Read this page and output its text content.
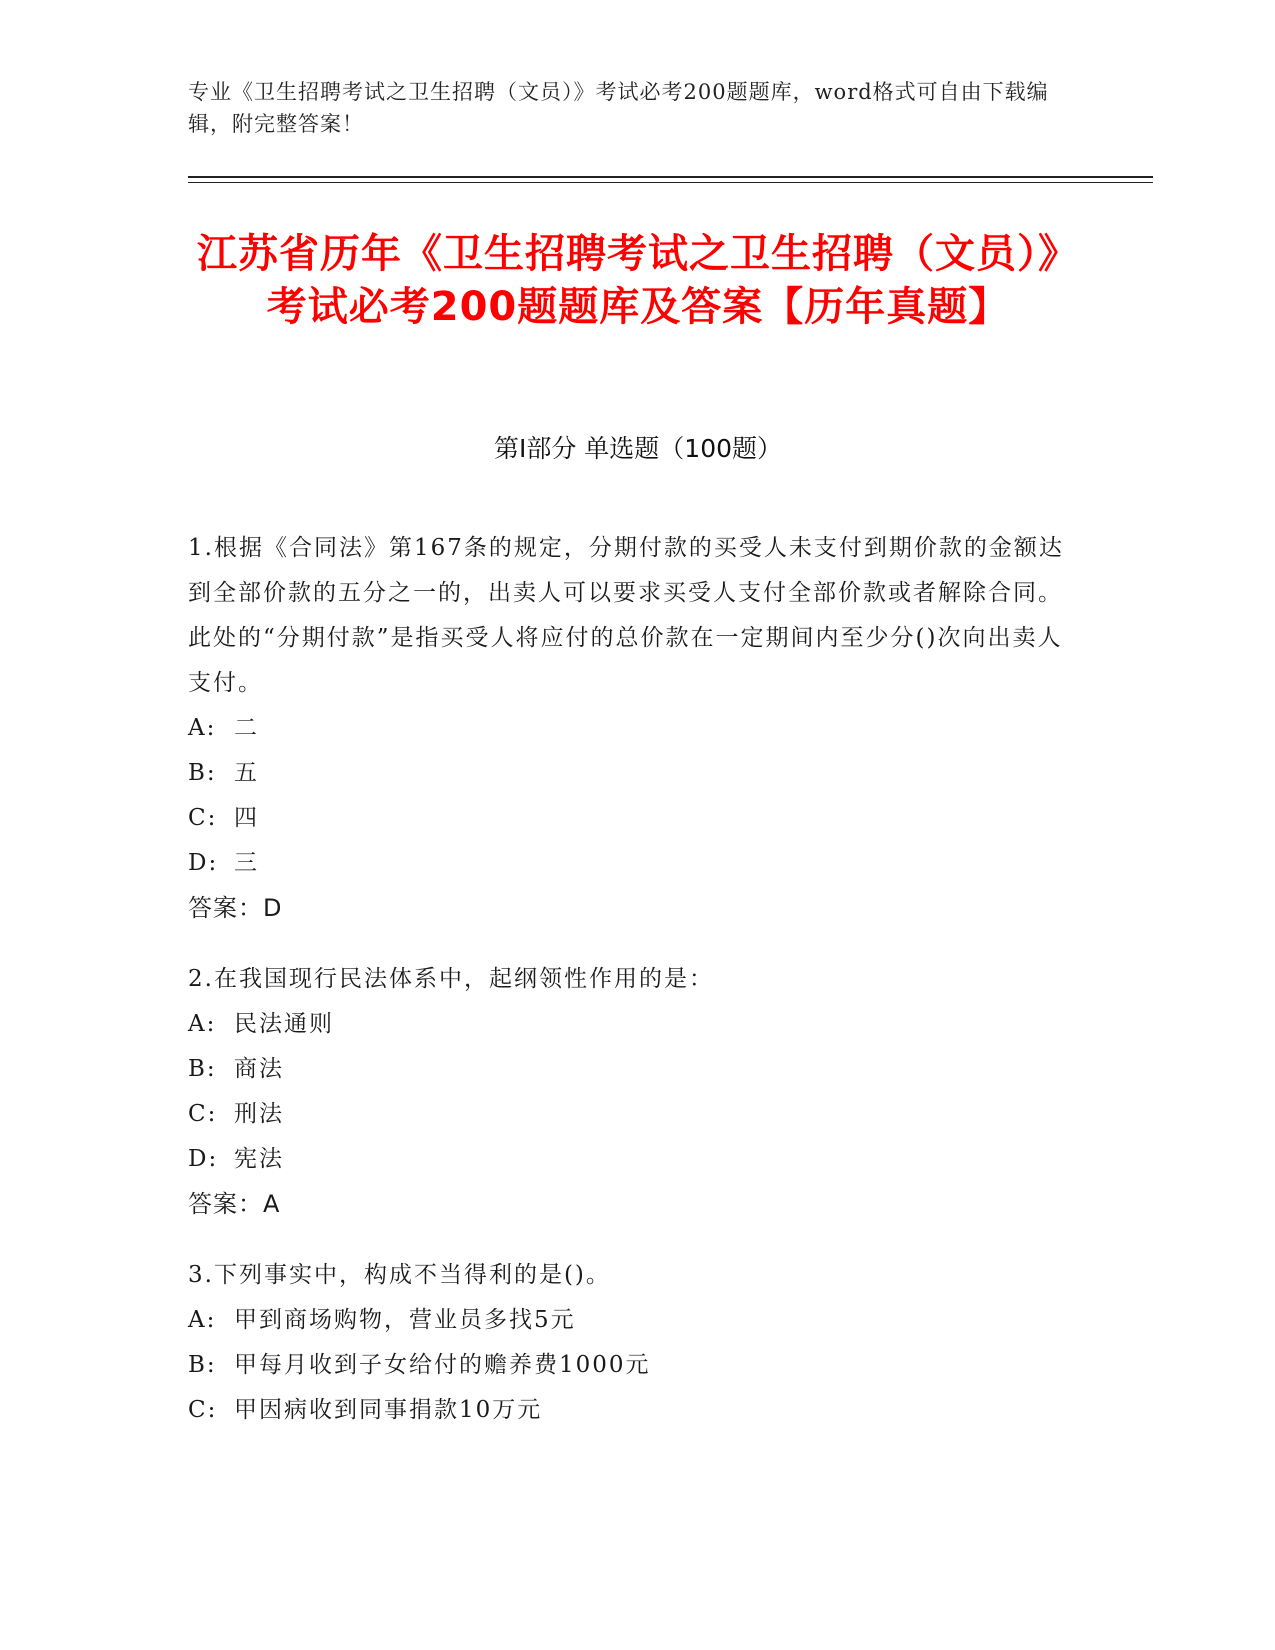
专业《卫生招聘考试之卫生招聘（文员）》考试必考200题题库，word格式可自由下载编辑，附完整答案！
江苏省历年《卫生招聘考试之卫生招聘（文员）》考试必考200题题库及答案【历年真题】
第I部分 单选题（100题）

1.根据《合同法》第167条的规定，分期付款的买受人未支付到期价款的金额达到全部价款的五分之一的，出卖人可以要求买受人支付全部价款或者解除合同。此处的“分期付款”是指买受人将应付的总价款在一定期间内至少分()次向出卖人支付。

A: 二

B: 五

C: 四

D: 三

答案：D

2.在我国现行民法体系中，起纲领性作用的是：

A: 民法通则

B: 商法

C: 刑法

D: 宪法

答案：A

3.下列事实中，构成不当得利的是()。

A: 甲到商场购物，营业员多找5元

B: 甲每月收到子女给付的赡养费1000元

C: 甲因病收到同事捐款10万元
